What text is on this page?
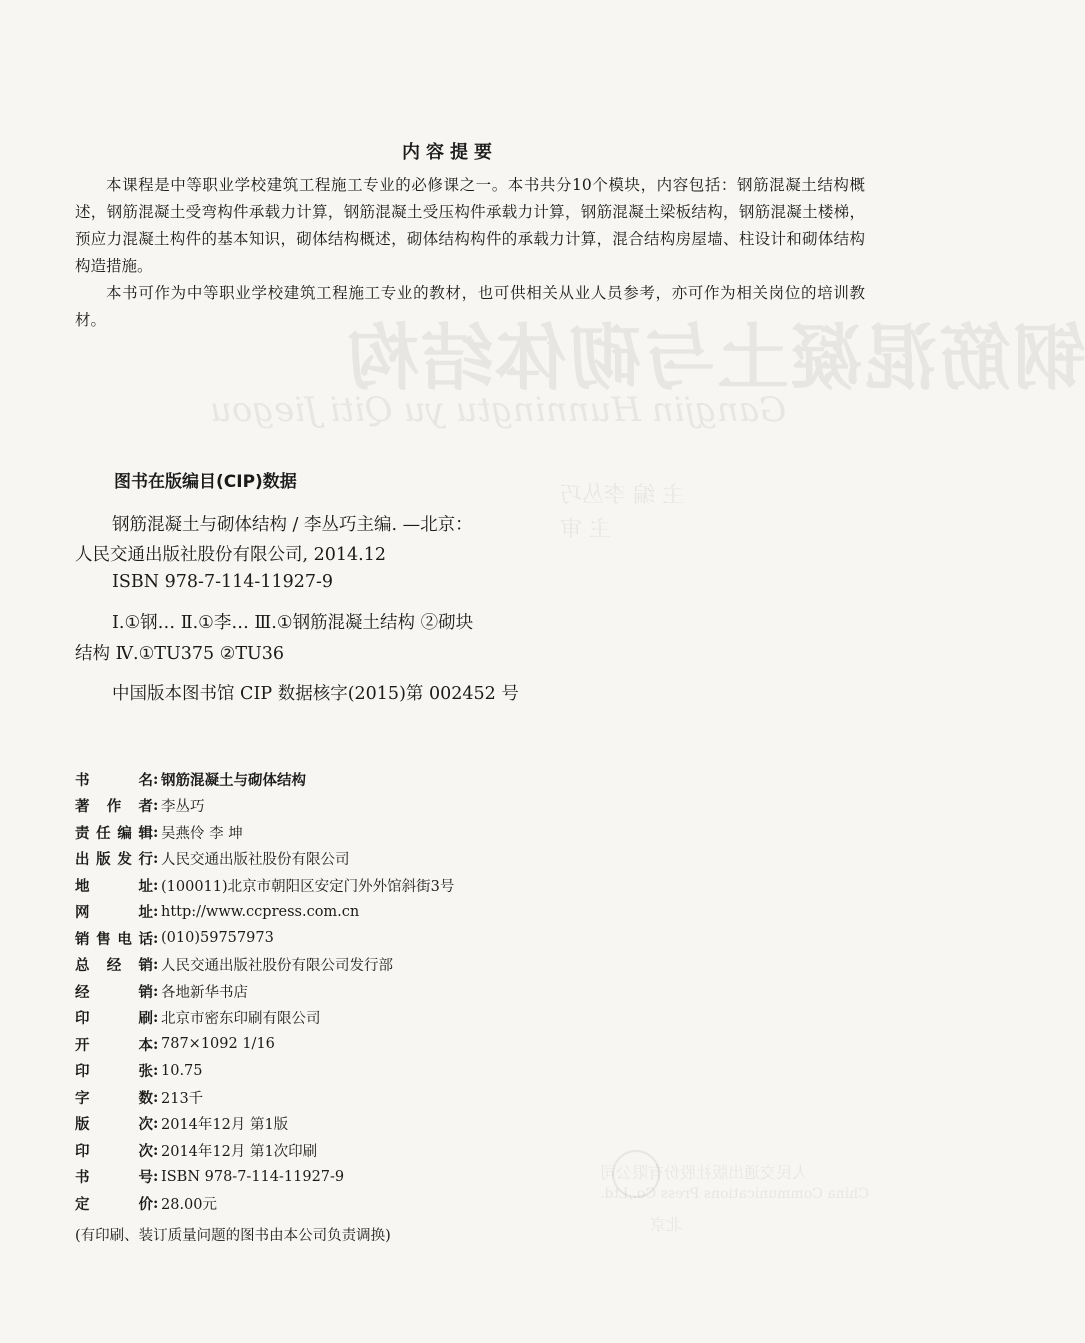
钢筋混凝土与砌体结构
Gangjin Hunningtu yu Qiti Jiegou
主 编 李丛巧
主 审
人民交通出版社股份有限公司
China Communications Press Co.,Ltd.
北京
内容提要

本课程是中等职业学校建筑工程施工专业的必修课之一。本书共分10个模块，内容包括：钢筋混凝土结构概述，钢筋混凝土受弯构件承载力计算，钢筋混凝土受压构件承载力计算，钢筋混凝土梁板结构，钢筋混凝土楼梯，预应力混凝土构件的基本知识，砌体结构概述，砌体结构构件的承载力计算，混合结构房屋墙、柱设计和砌体结构构造措施。

本书可作为中等职业学校建筑工程施工专业的教材，也可供相关从业人员参考，亦可作为相关岗位的培训教材。

图书在版编目(CIP)数据
钢筋混凝土与砌体结构 / 李丛巧主编. —北京：
人民交通出版社股份有限公司, 2014.12
ISBN 978-7-114-11927-9
Ⅰ.①钢… Ⅱ.①李… Ⅲ.①钢筋混凝土结构 ②砌块
结构 Ⅳ.①TU375 ②TU36
中国版本图书馆 CIP 数据核字(2015)第 002452 号
书名 : 钢筋混凝土与砌体结构
著作者 : 李丛巧
责任编辑 : 吴燕伶 李 坤
出版发行 : 人民交通出版社股份有限公司
地址 : (100011)北京市朝阳区安定门外外馆斜街3号
网址 : http://www.ccpress.com.cn
销售电话 : (010)59757973
总经销 : 人民交通出版社股份有限公司发行部
经销 : 各地新华书店
印刷 : 北京市密东印刷有限公司
开本 : 787×1092 1/16
印张 : 10.75
字数 : 213千
版次 : 2014年12月 第1版
印次 : 2014年12月 第1次印刷
书号 : ISBN 978-7-114-11927-9
定价 : 28.00元
(有印刷、装订质量问题的图书由本公司负责调换)
